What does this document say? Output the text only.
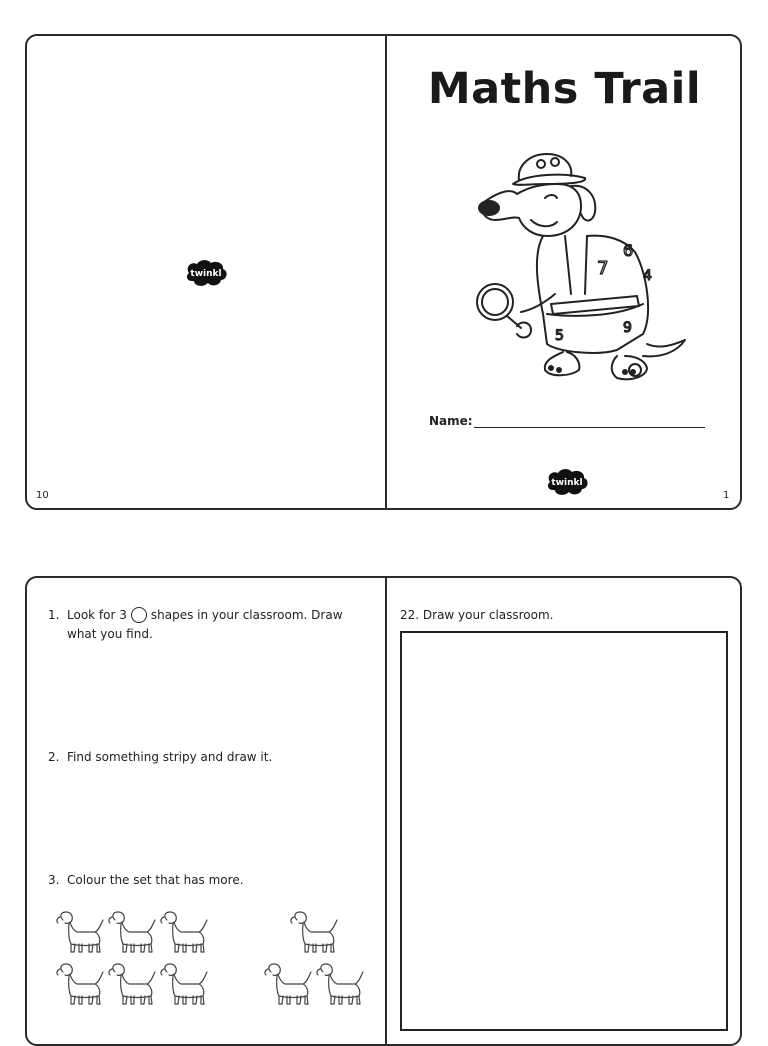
twinkl
10
Maths Trail
7
6
4
5	9
Name:
twinkl
1
1. Look for 3 shapes in your classroom. Draw
what you find.
2. Find something stripy and draw it.
3. Colour the set that has more.
22. Draw your classroom.
